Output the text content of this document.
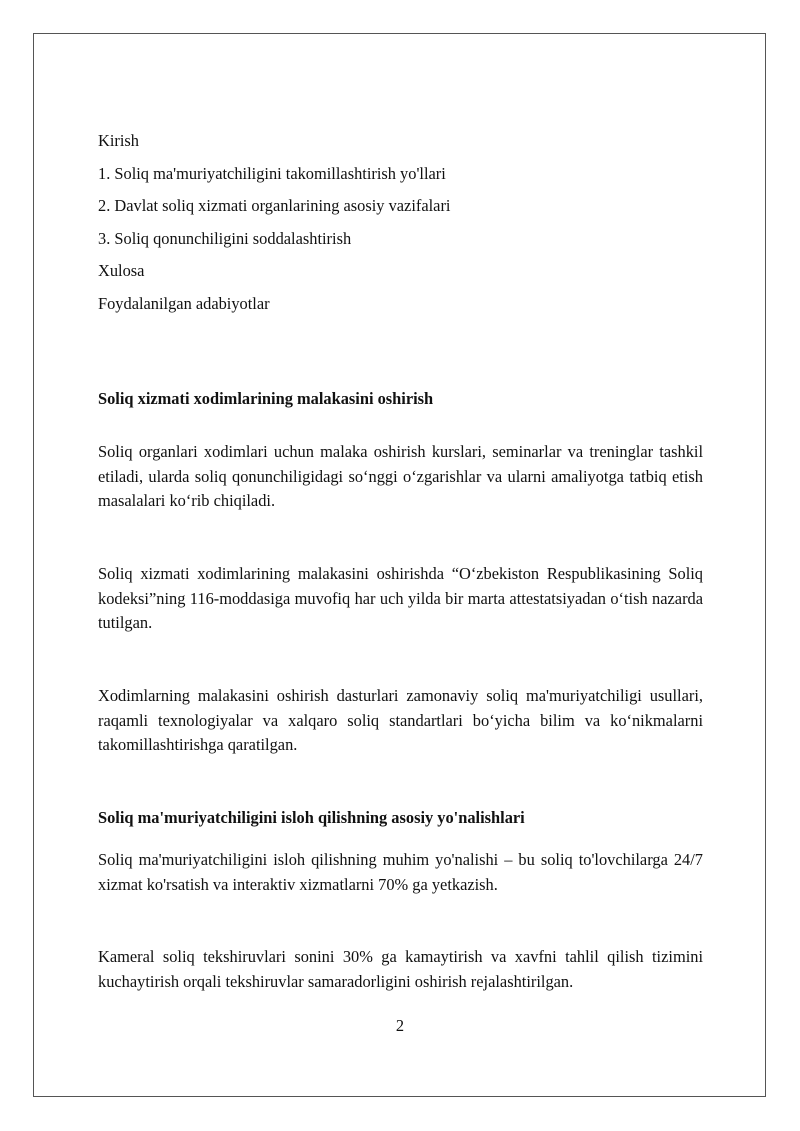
Kirish
1. Soliq ma'muriyatchiligini takomillashtirish yo'llari
2. Davlat soliq xizmati organlarining asosiy vazifalari
3. Soliq qonunchiligini soddalashtirish
Xulosa
Foydalanilgan adabiyotlar
Soliq xizmati xodimlarining malakasini oshirish

Soliq organlari xodimlari uchun malaka oshirish kurslari, seminarlar va treninglar tashkil etiladi, ularda soliq qonunchiligidagi so‘nggi o‘zgarishlar va ularni amaliyotga tatbiq etish masalalari ko‘rib chiqiladi.

Soliq xizmati xodimlarining malakasini oshirishda “O‘zbekiston Respublikasining Soliq kodeksi”ning 116-moddasiga muvofiq har uch yilda bir marta attestatsiyadan o‘tish nazarda tutilgan.

Xodimlarning malakasini oshirish dasturlari zamonaviy soliq ma'muriyatchiligi usullari, raqamli texnologiyalar va xalqaro soliq standartlari bo‘yicha bilim va ko‘nikmalarni takomillashtirishga qaratilgan.

Soliq ma'muriyatchiligini isloh qilishning asosiy yo'nalishlari

Soliq ma'muriyatchiligini isloh qilishning muhim yo'nalishi – bu soliq to'lovchilarga 24/7 xizmat ko'rsatish va interaktiv xizmatlarni 70% ga yetkazish.

Kameral soliq tekshiruvlari sonini 30% ga kamaytirish va xavfni tahlil qilish tizimini kuchaytirish orqali tekshiruvlar samaradorligini oshirish rejalashtirilgan.

2
